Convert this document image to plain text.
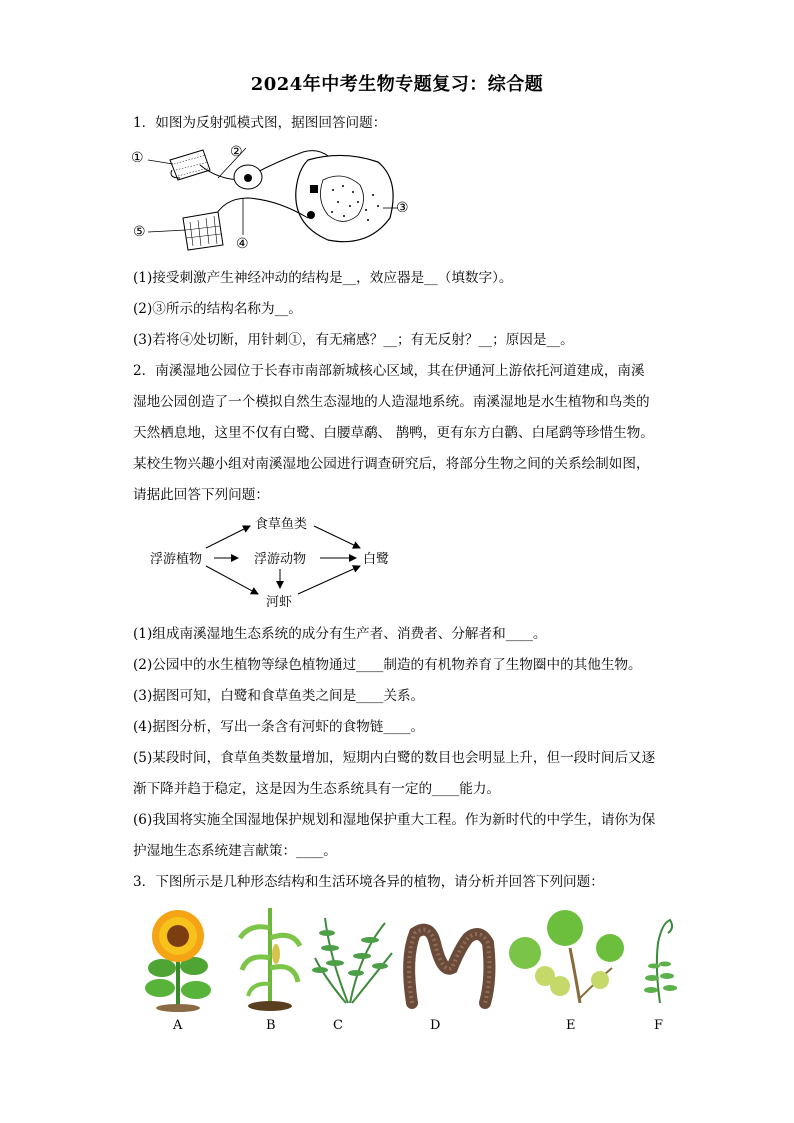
2024年中考生物专题复习：综合题
1．如图为反射弧模式图，据图回答问题：
①	②
③
④
⑤
(1)接受刺激产生神经冲动的结构是__，效应器是__（填数字）。
(2)③所示的结构名称为__。
(3)若将④处切断，用针刺①，有无痛感？__；有无反射？__；原因是__。
2．南溪湿地公园位于长春市南部新城核心区域，其在伊通河上游依托河道建成，南溪
湿地公园创造了一个模拟自然生态湿地的人造湿地系统。南溪湿地是水生植物和鸟类的
天然栖息地，这里不仅有白鹭、白腰草鹬、 鹊鸭，更有东方白鹳、白尾鹞等珍惜生物。
某校生物兴趣小组对南溪湿地公园进行调查研究后，将部分生物之间的关系绘制如图，
请据此回答下列问题：
食草鱼类
浮游植物	浮游动物	白鹭
河虾
(1)组成南溪湿地生态系统的成分有生产者、消费者、分解者和____。
(2)公园中的水生植物等绿色植物通过____制造的有机物养育了生物圈中的其他生物。
(3)据图可知，白鹭和食草鱼类之间是____关系。
(4)据图分析，写出一条含有河虾的食物链____。
(5)某段时间，食草鱼类数量增加，短期内白鹭的数目也会明显上升，但一段时间后又逐
渐下降并趋于稳定，这是因为生态系统具有一定的____能力。
(6)我国将实施全国湿地保护规划和湿地保护重大工程。作为新时代的中学生，请你为保
护湿地生态系统建言献策：____。
3．下图所示是几种形态结构和生活环境各异的植物，请分析并回答下列问题：
A	B	C	D	E	F
